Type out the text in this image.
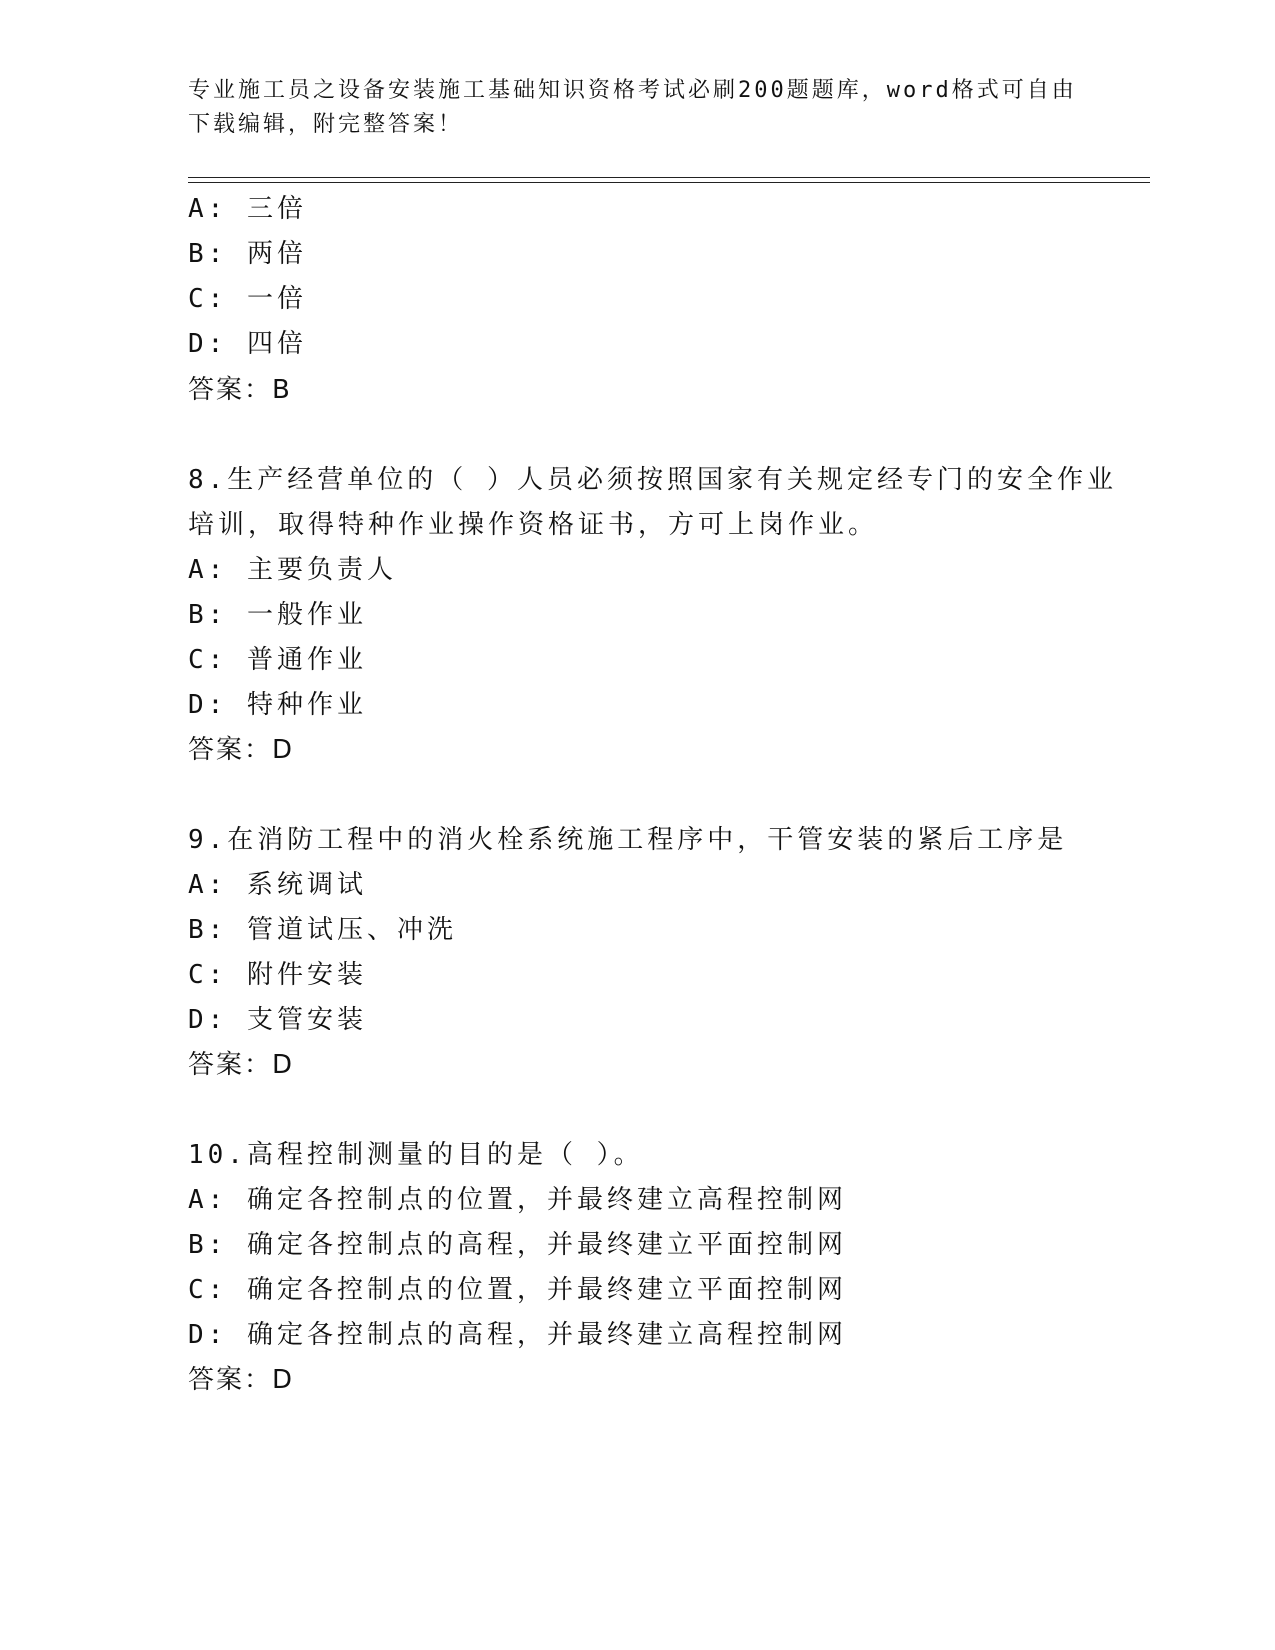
专业施工员之设备安装施工基础知识资格考试必刷200题题库，word格式可自由
下载编辑，附完整答案！
A: 三倍
B: 两倍
C: 一倍
D: 四倍
答案：B
8.生产经营单位的（ ）人员必须按照国家有关规定经专门的安全作业
培训，取得特种作业操作资格证书，方可上岗作业。
A: 主要负责人
B: 一般作业
C: 普通作业
D: 特种作业
答案：D
9.在消防工程中的消火栓系统施工程序中，干管安装的紧后工序是
A: 系统调试
B: 管道试压、冲洗
C: 附件安装
D: 支管安装
答案：D
10.高程控制测量的目的是（ ）。
A: 确定各控制点的位置，并最终建立高程控制网
B: 确定各控制点的高程，并最终建立平面控制网
C: 确定各控制点的位置，并最终建立平面控制网
D: 确定各控制点的高程，并最终建立高程控制网
答案：D
